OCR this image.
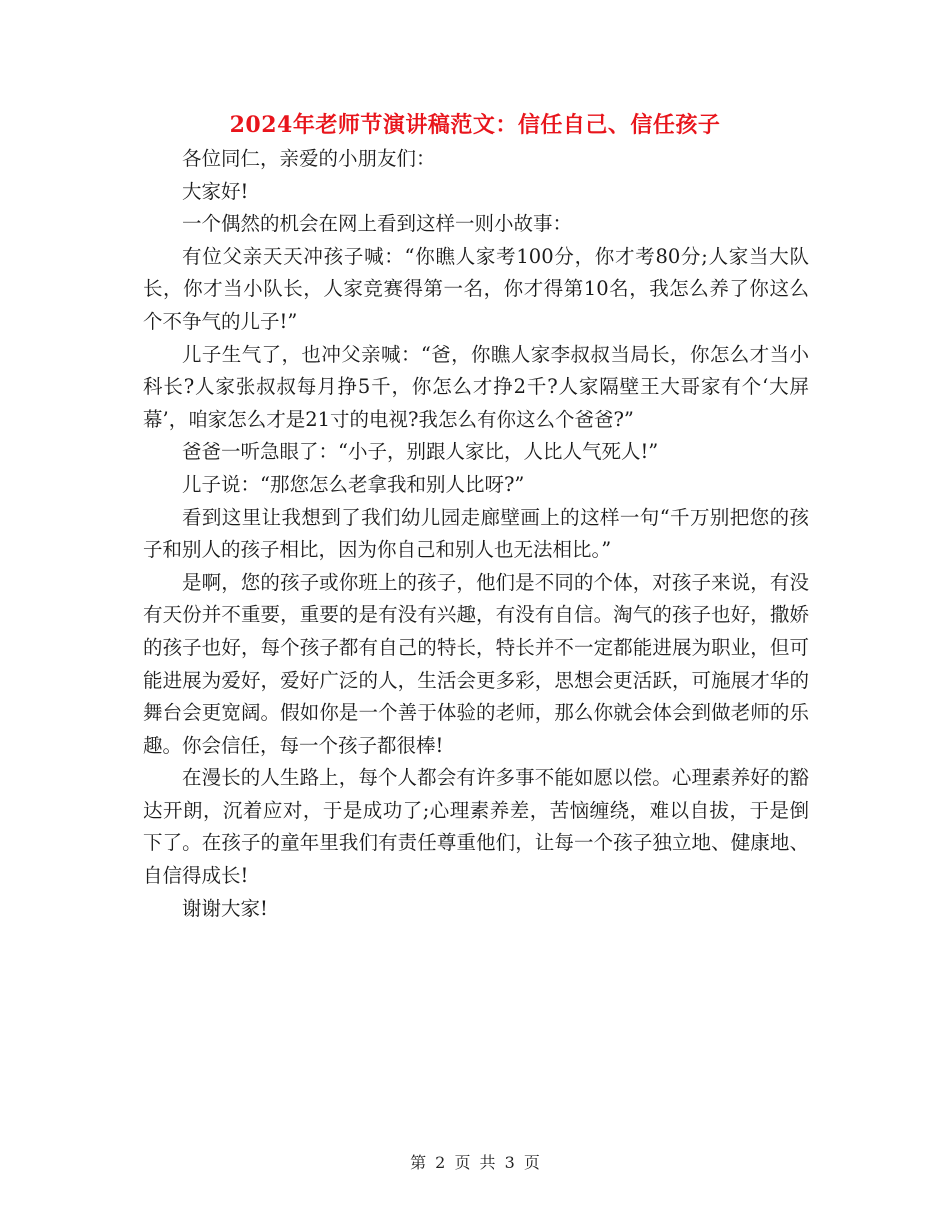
2024年老师节演讲稿范文：信任自己、信任孩子

各位同仁，亲爱的小朋友们：

大家好!

一个偶然的机会在网上看到这样一则小故事：

有位父亲天天冲孩子喊：“你瞧人家考100分，你才考80分;人家当大队长，你才当小队长，人家竞赛得第一名，你才得第10名，我怎么养了你这么个不争气的儿子!”

儿子生气了，也冲父亲喊：“爸，你瞧人家李叔叔当局长，你怎么才当小科长?人家张叔叔每月挣5千，你怎么才挣2千?人家隔壁王大哥家有个‘大屏幕’，咱家怎么才是21寸的电视?我怎么有你这么个爸爸?”

爸爸一听急眼了：“小子，别跟人家比，人比人气死人!”

儿子说：“那您怎么老拿我和别人比呀?”

看到这里让我想到了我们幼儿园走廊壁画上的这样一句“千万别把您的孩子和别人的孩子相比，因为你自己和别人也无法相比。”

是啊，您的孩子或你班上的孩子，他们是不同的个体，对孩子来说，有没有天份并不重要，重要的是有没有兴趣，有没有自信。淘气的孩子也好，撒娇的孩子也好，每个孩子都有自己的特长，特长并不一定都能进展为职业，但可能进展为爱好，爱好广泛的人，生活会更多彩，思想会更活跃，可施展才华的舞台会更宽阔。假如你是一个善于体验的老师，那么你就会体会到做老师的乐趣。你会信任，每一个孩子都很棒!

在漫长的人生路上，每个人都会有许多事不能如愿以偿。心理素养好的豁达开朗，沉着应对，于是成功了;心理素养差，苦恼缠绕，难以自拔，于是倒下了。在孩子的童年里我们有责任尊重他们，让每一个孩子独立地、健康地、自信得成长!

谢谢大家!

第 2 页 共 3 页
